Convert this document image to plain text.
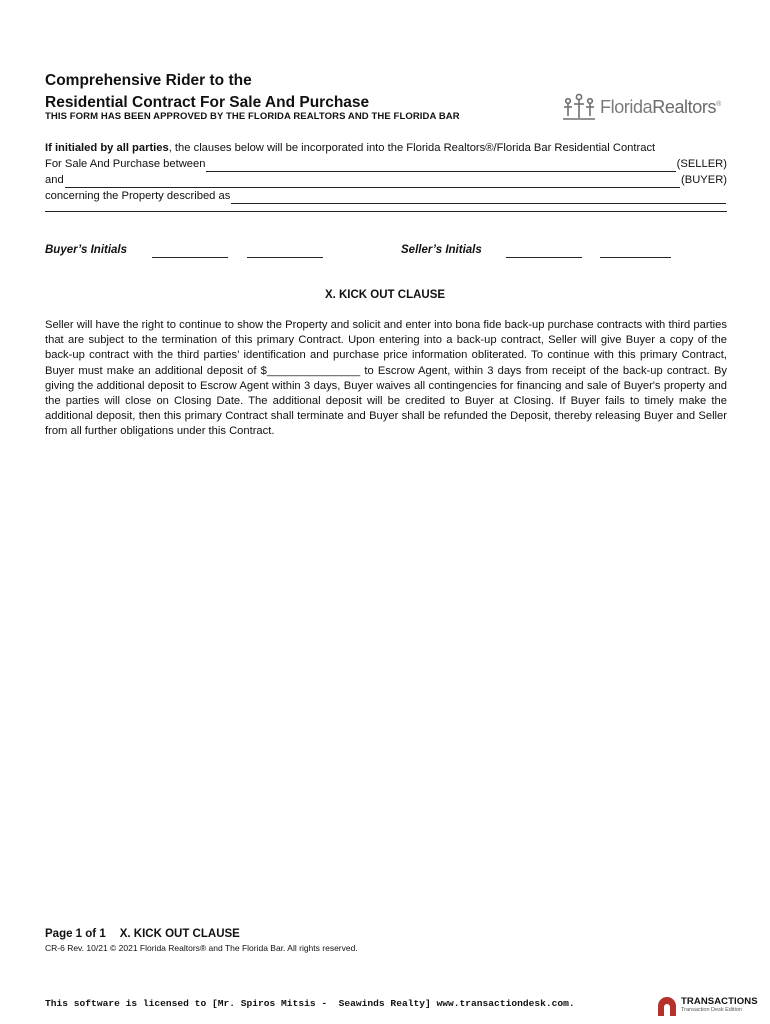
Comprehensive Rider to the
Residential Contract For Sale And Purchase
THIS FORM HAS BEEN APPROVED BY THE FLORIDA REALTORS AND THE FLORIDA BAR	FloridaRealtors®
If initialed by all parties , the clauses below will be incorporated into the Florida Realtors®/Florida Bar Residential Contract
For Sale And Purchase between	(SELLER)
and	(BUYER)
concerning the Property described as
Buyer’s Initials	Seller’s Initials
X. KICK OUT CLAUSE
Seller will have the right to continue to show the Property and solicit and enter into bona fide back-up purchase contracts with third parties that are subject to the termination of this primary Contract. Upon entering into a back-up contract, Seller will give Buyer a copy of the back-up contract with the third parties’ identification and purchase price information obliterated. To continue with this primary Contract, Buyer must make an additional deposit of $_______________ to Escrow Agent, within 3 days from receipt of the back-up contract. By giving the additional deposit to Escrow Agent within 3 days, Buyer waives all contingencies for financing and sale of Buyer's property and the parties will close on Closing Date. The additional deposit will be credited to Buyer at Closing. If Buyer fails to timely make the additional deposit, then this primary Contract shall terminate and Buyer shall be refunded the Deposit, thereby releasing Buyer and Seller from all further obligations under this Contract.
Page 1 of 1 X. KICK OUT CLAUSE
CR-6 Rev. 10/21 © 2021 Florida Realtors® and The Florida Bar. All rights reserved.
This software is licensed to [Mr. Spiros Mitsis -  Seawinds Realty] www.transactiondesk.com.	TRANSACTIONS
Transaction Desk Edition
